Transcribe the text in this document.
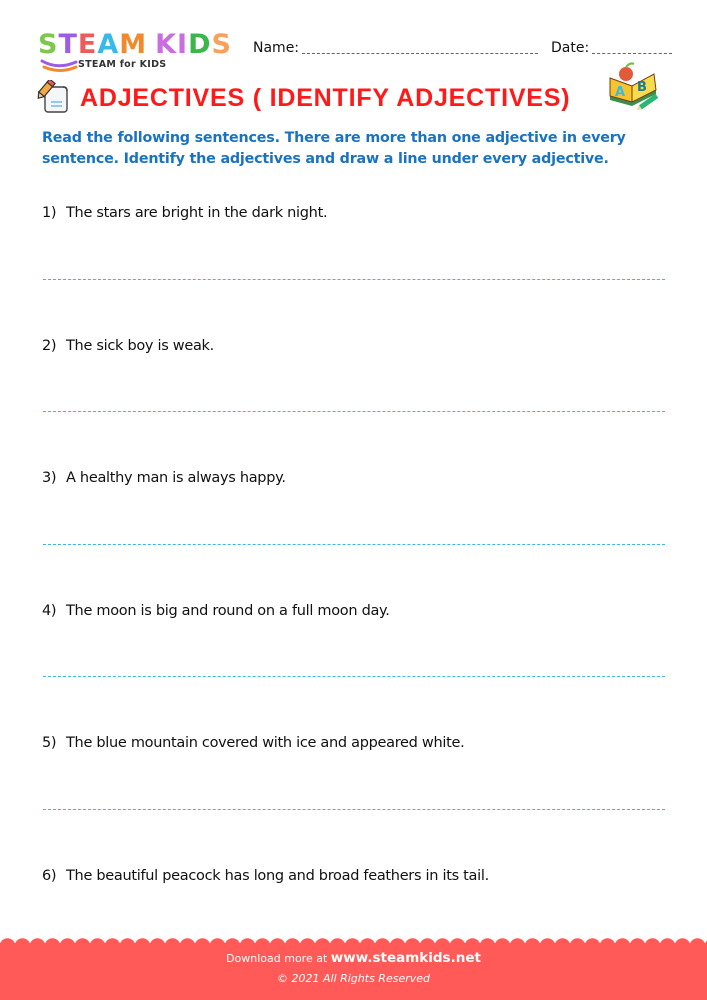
STEAM KIDS
STEAM for KIDS
Name:	Date:
ADJECTIVES ( IDENTIFY ADJECTIVES)	A B
Read the following sentences. There are more than one adjective in every sentence. Identify the adjectives and draw a line under every adjective.
1) The stars are bright in the dark night.
2) The sick boy is weak.
3) A healthy man is always happy.
4) The moon is big and round on a full moon day.
5) The blue mountain covered with ice and appeared white.
6) The beautiful peacock has long and broad feathers in its tail.
Download more at www.steamkids.net
© 2021 All Rights Reserved
